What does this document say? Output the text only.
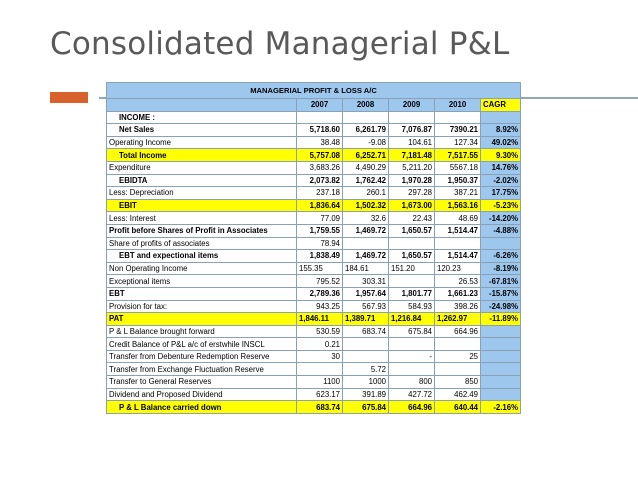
Consolidated Managerial P&L
MANAGERIAL PROFIT & LOSS A/C					
	2007	2008	2009	2010	CAGR
INCOME :					
Net Sales	5,718.60	6,261.79	7,076.87	7390.21	8.92%
Operating Income	38.48	-9.08	104.61	127.34	49.02%
Total Income	5,757.08	6,252.71	7,181.48	7,517.55	9.30%
Expenditure	3,683.26	4,490.29	5,211.20	5567.18	14.76%
EBIDTA	2,073.82	1,762.42	1,970.28	1,950.37	-2.02%
Less: Depreciation	237.18	260.1	297.28	387.21	17.75%
EBIT	1,836.64	1,502.32	1,673.00	1,563.16	-5.23%
Less: Interest	77.09	32.6	22.43	48.69	-14.20%
Profit before Shares of Profit in Associates	1,759.55	1,469.72	1,650.57	1,514.47	-4.88%
Share of profits of associates	78.94				
EBT and expectional items	1,838.49	1,469.72	1,650.57	1,514.47	-6.26%
Non Operating Income	155.35	184.61	151.20	120.23	-8.19%
Exceptional items	795.52	303.31		26.53	-67.81%
EBT	2,789.36	1,957.64	1,801.77	1,661.23	-15.87%
Provision for tax:	943.25	567.93	584.93	398.26	-24.98%
PAT	1,846.11	1,389.71	1,216.84	1,262.97	-11.89%
P & L Balance brought forward	530.59	683.74	675.84	664.96	
Credit Balance of P&L a/c of erstwhile INSCL	0.21				
Transfer from Debenture Redemption Reserve	30		-	25	
Transfer from Exchange Fluctuation Reserve		5.72			
Transfer to General Reserves	1100	1000	800	850	
Dividend and Proposed Dividend	623.17	391.89	427.72	462.49	
P & L Balance carried down	683.74	675.84	664.96	640.44	-2.16%
